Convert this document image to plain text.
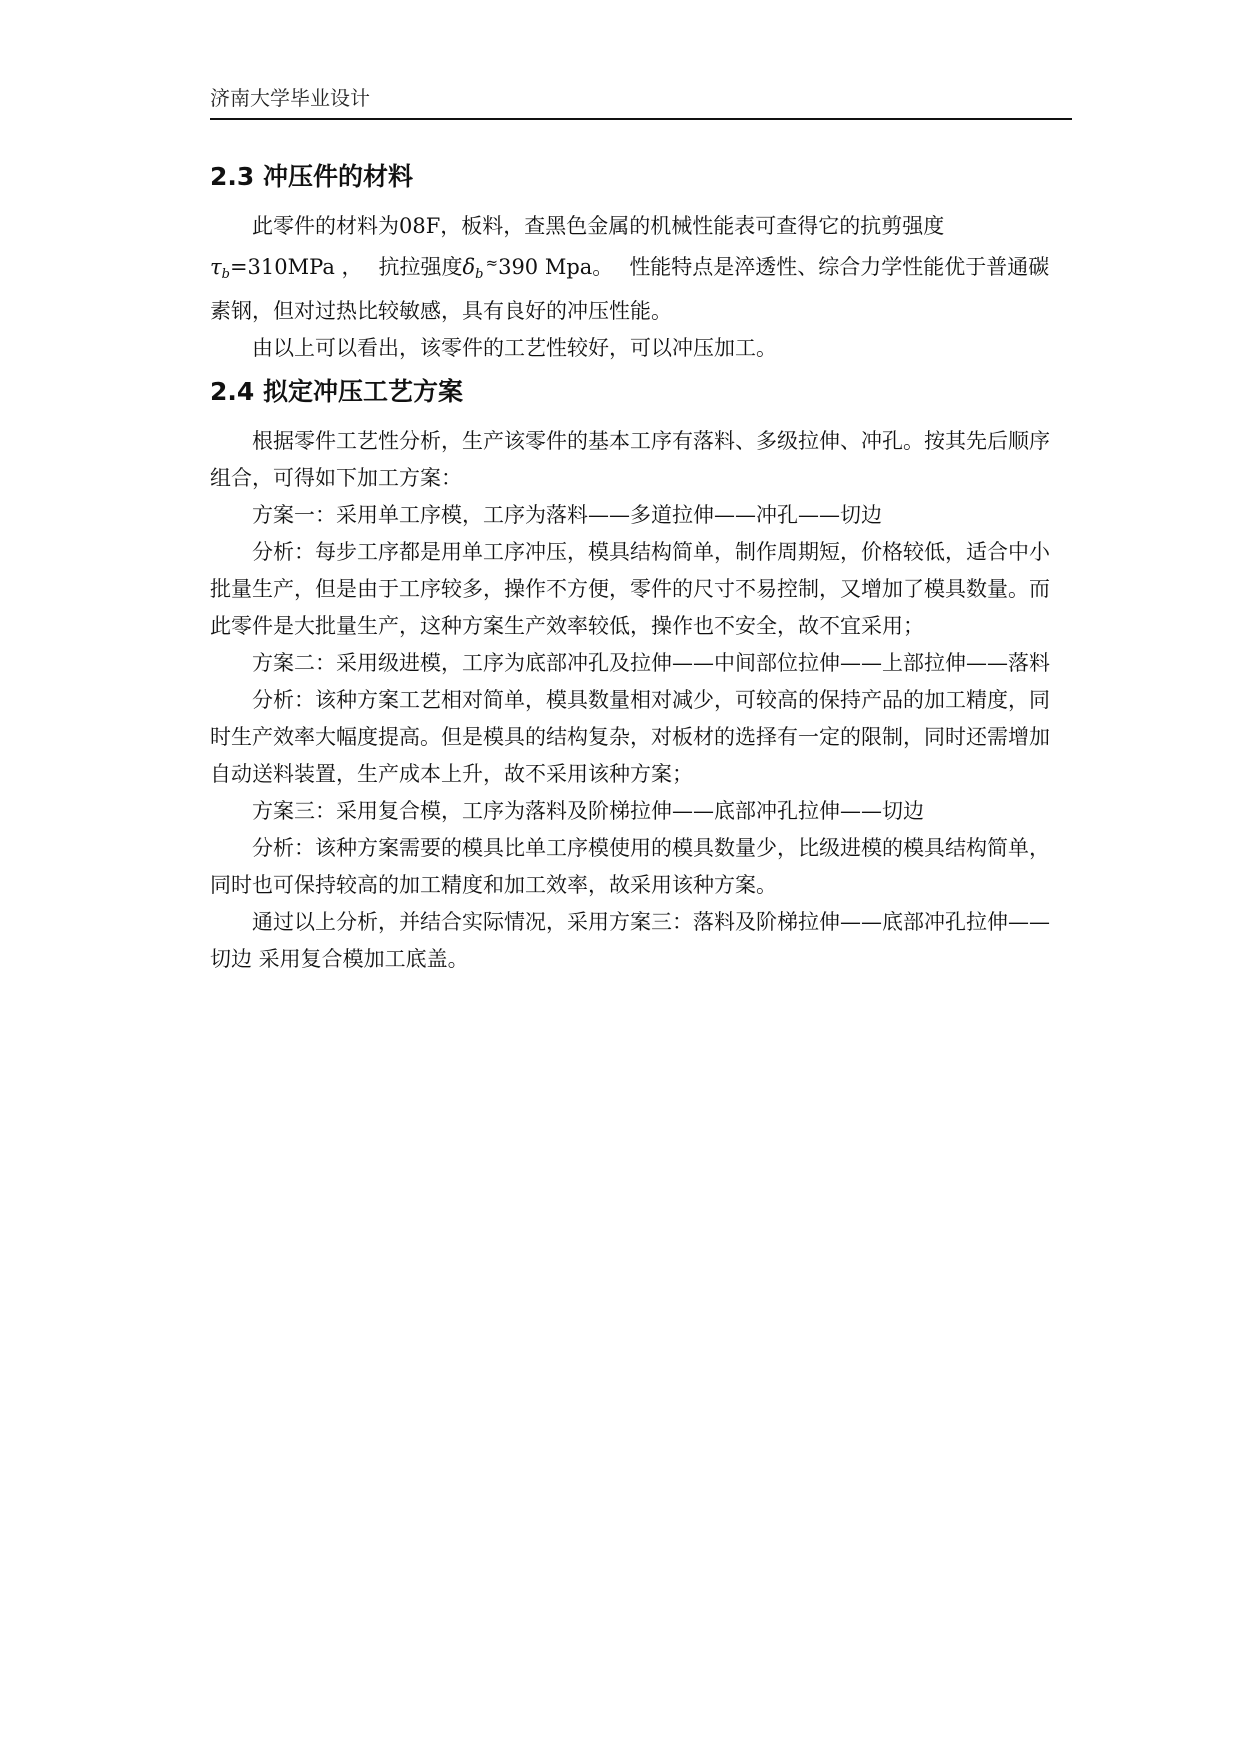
济南大学毕业设计
2.3 冲压件的材料

此零件的材料为08F，板料，查黑色金属的机械性能表可查得它的抗剪强度

$\tau_b=310MPa$ ， 抗拉强度$\delta_b^\approx 390$ Mpa。 性能特点是淬透性、综合力学性能优于普通碳素钢，但对过热比较敏感，具有良好的冲压性能。

由以上可以看出，该零件的工艺性较好，可以冲压加工。

2.4 拟定冲压工艺方案

根据零件工艺性分析，生产该零件的基本工序有落料、多级拉伸、冲孔。按其先后顺序组合，可得如下加工方案：

方案一：采用单工序模，工序为落料——多道拉伸——冲孔——切边

分析：每步工序都是用单工序冲压，模具结构简单，制作周期短，价格较低，适合中小批量生产，但是由于工序较多，操作不方便，零件的尺寸不易控制，又增加了模具数量。而此零件是大批量生产，这种方案生产效率较低，操作也不安全，故不宜采用；

方案二：采用级进模，工序为底部冲孔及拉伸——中间部位拉伸——上部拉伸——落料

分析：该种方案工艺相对简单，模具数量相对减少，可较高的保持产品的加工精度，同时生产效率大幅度提高。但是模具的结构复杂，对板材的选择有一定的限制，同时还需增加自动送料装置，生产成本上升，故不采用该种方案；

方案三：采用复合模，工序为落料及阶梯拉伸——底部冲孔拉伸——切边

分析：该种方案需要的模具比单工序模使用的模具数量少，比级进模的模具结构简单，同时也可保持较高的加工精度和加工效率，故采用该种方案。

通过以上分析，并结合实际情况，采用方案三：落料及阶梯拉伸——底部冲孔拉伸——切边 采用复合模加工底盖。
